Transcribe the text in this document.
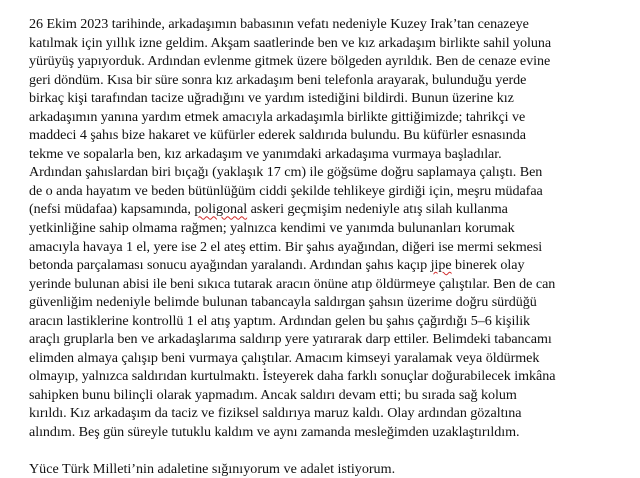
26 Ekim 2023 tarihinde, arkadaşımın babasının vefatı nedeniyle Kuzey Irak’tan cenazeye
katılmak için yıllık izne geldim. Akşam saatlerinde ben ve kız arkadaşım birlikte sahil yoluna
yürüyüş yapıyorduk. Ardından evlenme gitmek üzere bölgeden ayrıldık. Ben de cenaze evine
geri döndüm. Kısa bir süre sonra kız arkadaşım beni telefonla arayarak, bulunduğu yerde
birkaç kişi tarafından tacize uğradığını ve yardım istediğini bildirdi. Bunun üzerine kız
arkadaşımın yanına yardım etmek amacıyla arkadaşımla birlikte gittiğimizde; tahrikçi ve
maddeci 4 şahıs bize hakaret ve küfürler ederek saldırıda bulundu. Bu küfürler esnasında
tekme ve sopalarla ben, kız arkadaşım ve yanımdaki arkadaşıma vurmaya başladılar.
Ardından şahıslardan biri bıçağı (yaklaşık 17 cm) ile göğsüme doğru saplamaya çalıştı. Ben
de o anda hayatım ve beden bütünlüğüm ciddi şekilde tehlikeye girdiği için, meşru müdafaa
(nefsi müdafaa) kapsamında, poligonal askeri geçmişim nedeniyle atış silah kullanma
yetkinliğine sahip olmama rağmen; yalnızca kendimi ve yanımda bulunanları korumak
amacıyla havaya 1 el, yere ise 2 el ateş ettim. Bir şahıs ayağından, diğeri ise mermi sekmesi
betonda parçalaması sonucu ayağından yaralandı. Ardından şahıs kaçıp jipe binerek olay
yerinde bulunan abisi ile beni sıkıca tutarak aracın önüne atıp öldürmeye çalıştılar. Ben de can
güvenliğim nedeniyle belimde bulunan tabancayla saldırgan şahsın üzerime doğru sürdüğü
aracın lastiklerine kontrollü 1 el atış yaptım. Ardından gelen bu şahıs çağırdığı 5–6 kişilik
araçlı gruplarla ben ve arkadaşlarıma saldırıp yere yatırarak darp ettiler. Belimdeki tabancamı
elimden almaya çalışıp beni vurmaya çalıştılar. Amacım kimseyi yaralamak veya öldürmek
olmayıp, yalnızca saldırıdan kurtulmaktı. İsteyerek daha farklı sonuçlar doğurabilecek imkâna
sahipken bunu bilinçli olarak yapmadım. Ancak saldırı devam etti; bu sırada sağ kolum
kırıldı. Kız arkadaşım da taciz ve fiziksel saldırıya maruz kaldı. Olay ardından gözaltına
alındım. Beş gün süreyle tutuklu kaldım ve aynı zamanda mesleğimden uzaklaştırıldım.
Yüce Türk Milleti’nin adaletine sığınıyorum ve adalet istiyorum.
